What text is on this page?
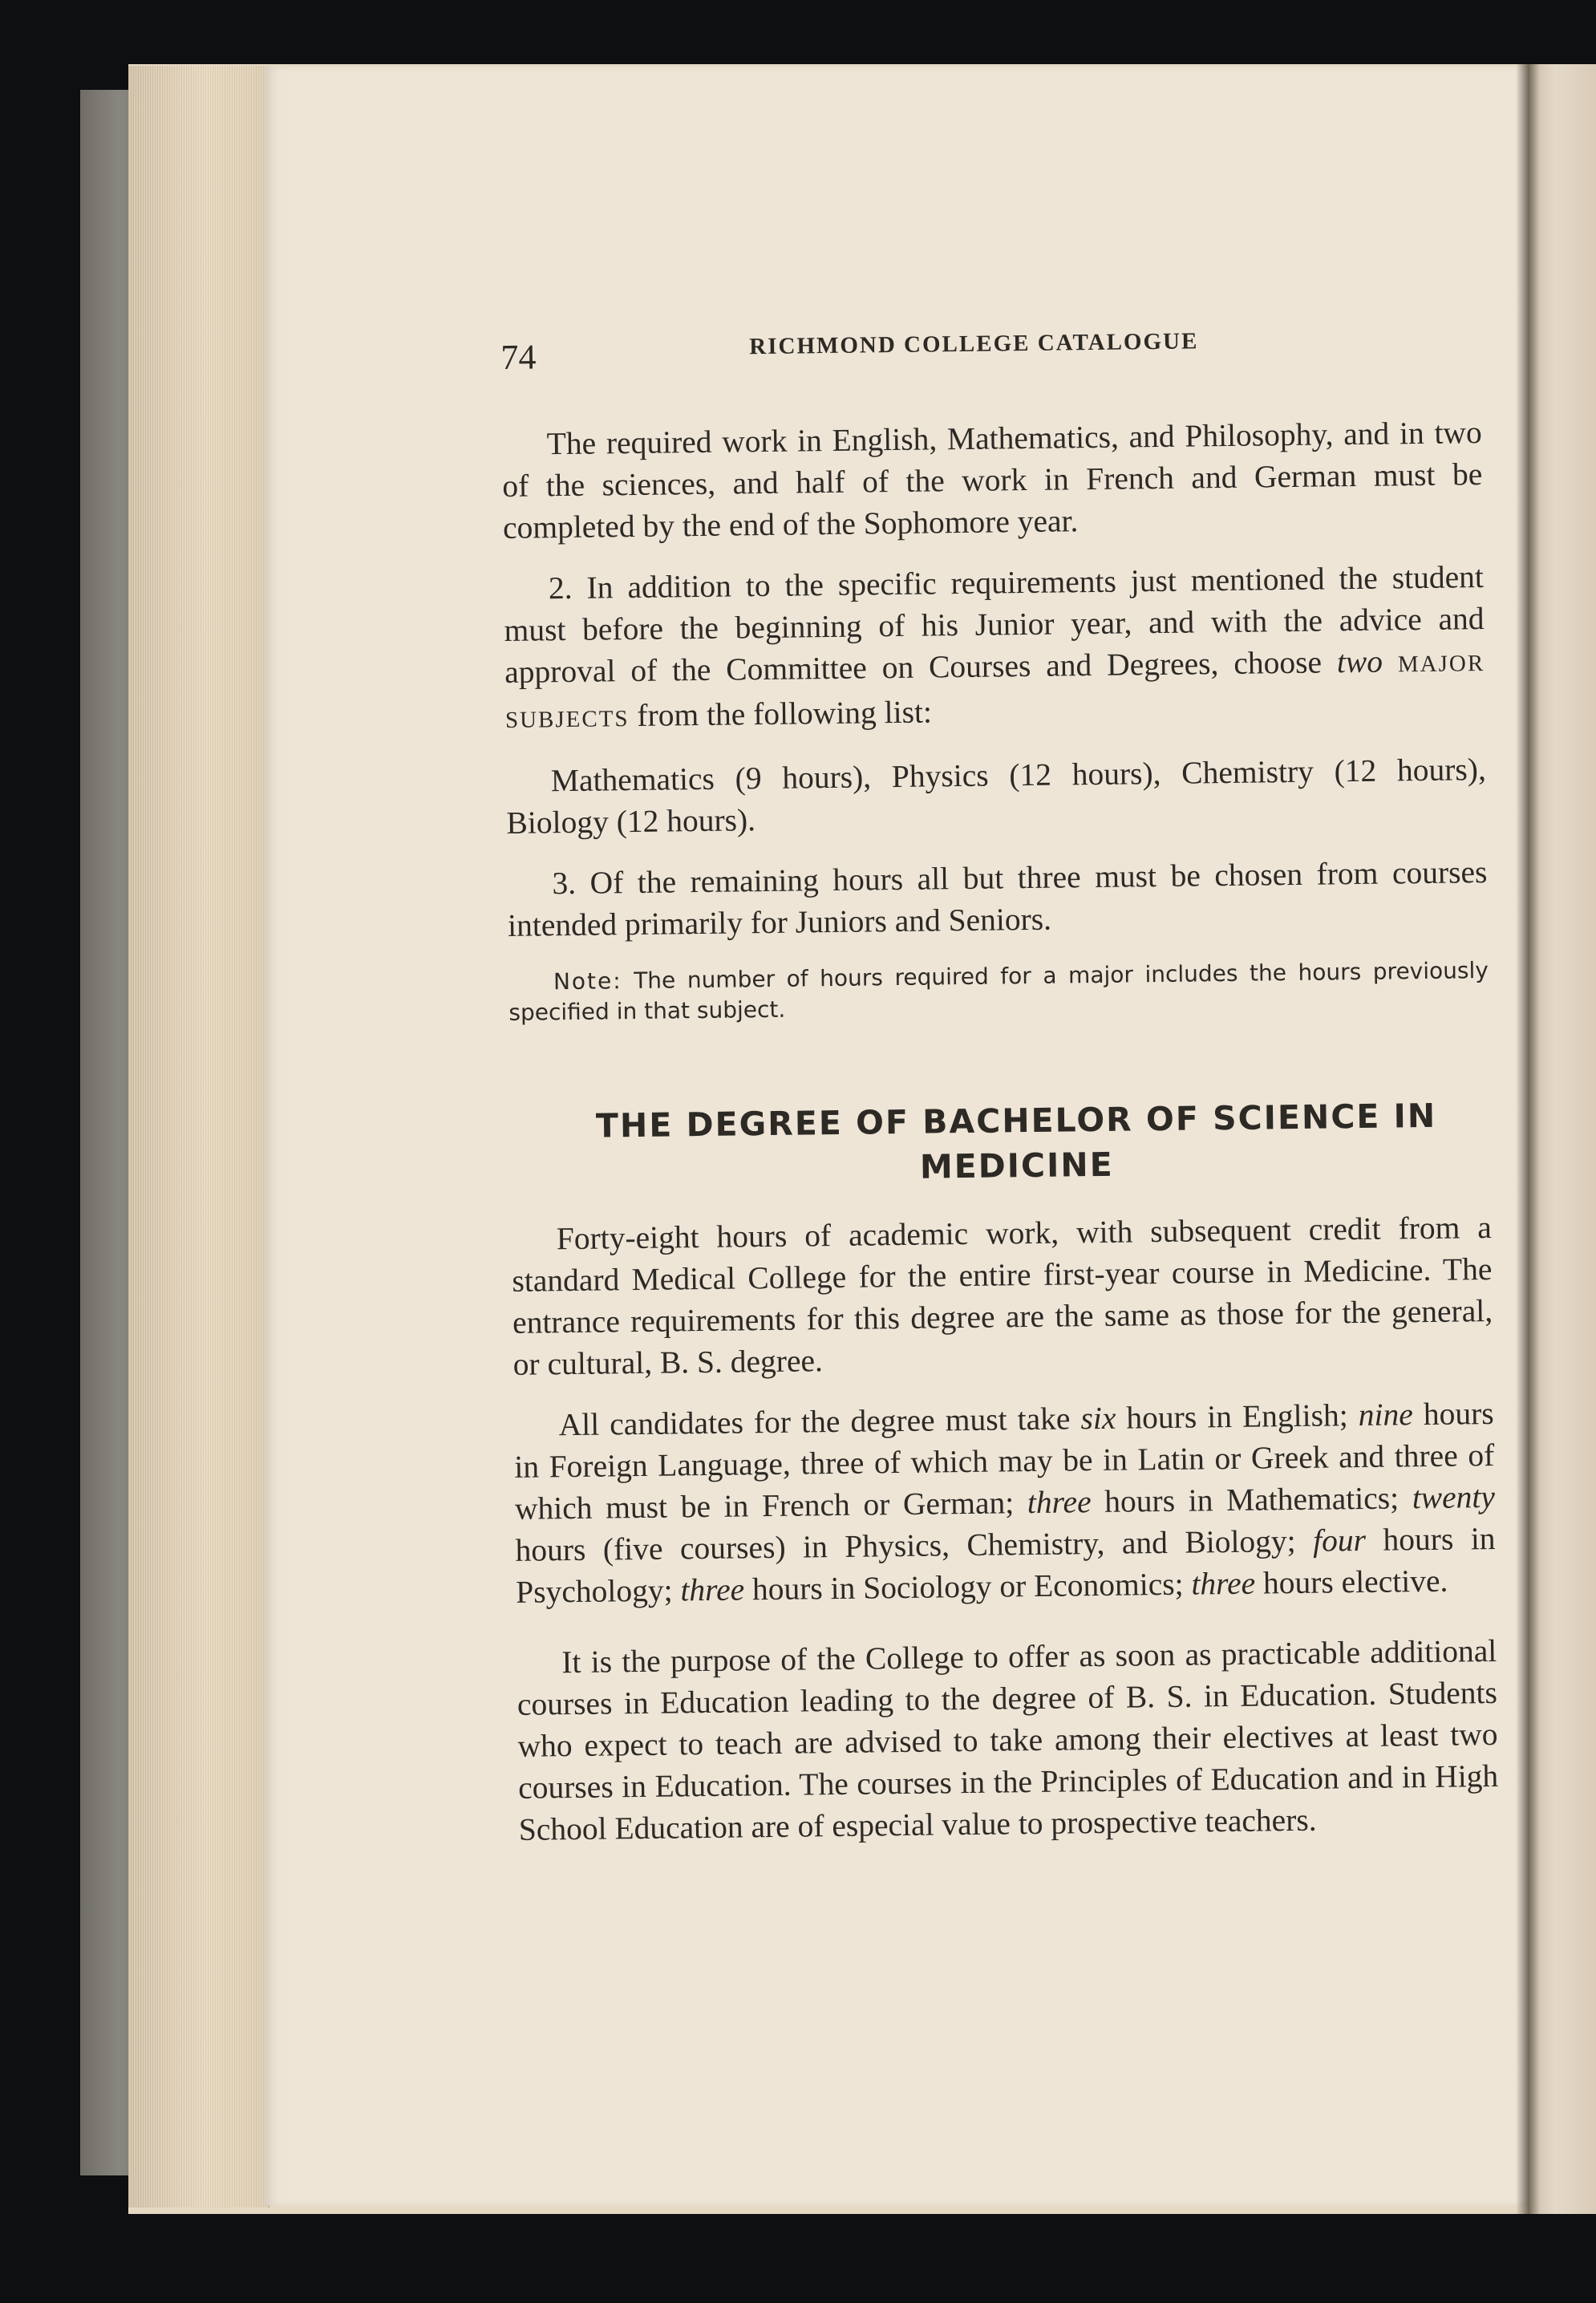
74	RICHMOND COLLEGE CATALOGUE

The required work in English, Mathematics, and Philosophy, and in two of the sciences, and half of the work in French and German must be completed by the end of the Sophomore year.

2. In addition to the specific requirements just mentioned the student must before the beginning of his Junior year, and with the advice and approval of the Committee on Courses and Degrees, choose two MAJOR SUBJECTS from the following list:

Mathematics (9 hours), Physics (12 hours), Chemistry (12 hours), Biology (12 hours).

3. Of the remaining hours all but three must be chosen from courses intended primarily for Juniors and Seniors.

Note: The number of hours required for a major includes the hours previously specified in that subject.

THE DEGREE OF BACHELOR OF SCIENCE IN
MEDICINE

Forty-eight hours of academic work, with subsequent credit from a standard Medical College for the entire first-year course in Medicine. The entrance requirements for this degree are the same as those for the general, or cultural, B. S. degree.

All candidates for the degree must take six hours in English; nine hours in Foreign Language, three of which may be in Latin or Greek and three of which must be in French or German; three hours in Mathematics; twenty hours (five courses) in Physics, Chemistry, and Biology; four hours in Psychology; three hours in Sociology or Economics; three hours elective.

It is the purpose of the College to offer as soon as practicable additional courses in Education leading to the degree of B. S. in Education. Students who expect to teach are advised to take among their electives at least two courses in Education. The courses in the Principles of Education and in High School Education are of especial value to prospective teachers.
